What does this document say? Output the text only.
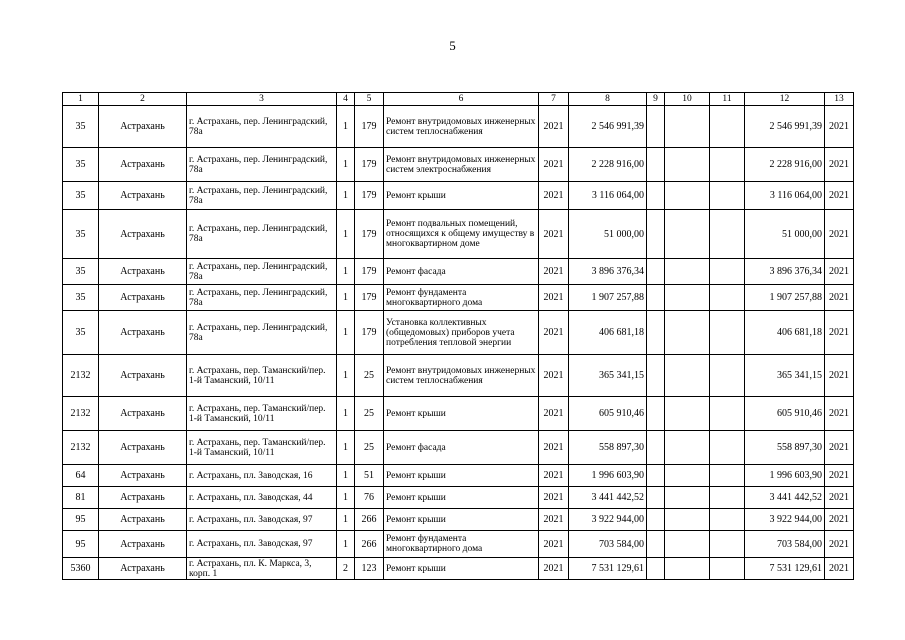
5
1	2	3	4	5	6	7	8	9	10	11	12	13
35	Астрахань	г. Астрахань, пер. Ленинградский, 78а	1	179	Ремонт внутридомовых инженерных систем теплоснабжения	2021	2 546 991,39				2 546 991,39	2021
35	Астрахань	г. Астрахань, пер. Ленинградский, 78а	1	179	Ремонт внутридомовых инженерных систем электроснабжения	2021	2 228 916,00				2 228 916,00	2021
35	Астрахань	г. Астрахань, пер. Ленинградский, 78а	1	179	Ремонт крыши	2021	3 116 064,00				3 116 064,00	2021
35	Астрахань	г. Астрахань, пер. Ленинградский, 78а	1	179	Ремонт подвальных помещений, относящихся к общему имуществу в многоквартирном доме	2021	51 000,00				51 000,00	2021
35	Астрахань	г. Астрахань, пер. Ленинградский, 78а	1	179	Ремонт фасада	2021	3 896 376,34				3 896 376,34	2021
35	Астрахань	г. Астрахань, пер. Ленинградский, 78а	1	179	Ремонт фундамента многоквартирного дома	2021	1 907 257,88				1 907 257,88	2021
35	Астрахань	г. Астрахань, пер. Ленинградский, 78а	1	179	Установка коллективных (общедомовых) приборов учета потребления тепловой энергии	2021	406 681,18				406 681,18	2021
2132	Астрахань	г. Астрахань, пер. Таманский/пер. 1-й Таманский, 10/11	1	25	Ремонт внутридомовых инженерных систем теплоснабжения	2021	365 341,15				365 341,15	2021
2132	Астрахань	г. Астрахань, пер. Таманский/пер. 1-й Таманский, 10/11	1	25	Ремонт крыши	2021	605 910,46				605 910,46	2021
2132	Астрахань	г. Астрахань, пер. Таманский/пер. 1-й Таманский, 10/11	1	25	Ремонт фасада	2021	558 897,30				558 897,30	2021
64	Астрахань	г. Астрахань, пл. Заводская, 16	1	51	Ремонт крыши	2021	1 996 603,90				1 996 603,90	2021
81	Астрахань	г. Астрахань, пл. Заводская, 44	1	76	Ремонт крыши	2021	3 441 442,52				3 441 442,52	2021
95	Астрахань	г. Астрахань, пл. Заводская, 97	1	266	Ремонт крыши	2021	3 922 944,00				3 922 944,00	2021
95	Астрахань	г. Астрахань, пл. Заводская, 97	1	266	Ремонт фундамента многоквартирного дома	2021	703 584,00				703 584,00	2021
5360	Астрахань	г. Астрахань, пл. К. Маркса, 3, корп. 1	2	123	Ремонт крыши	2021	7 531 129,61				7 531 129,61	2021
